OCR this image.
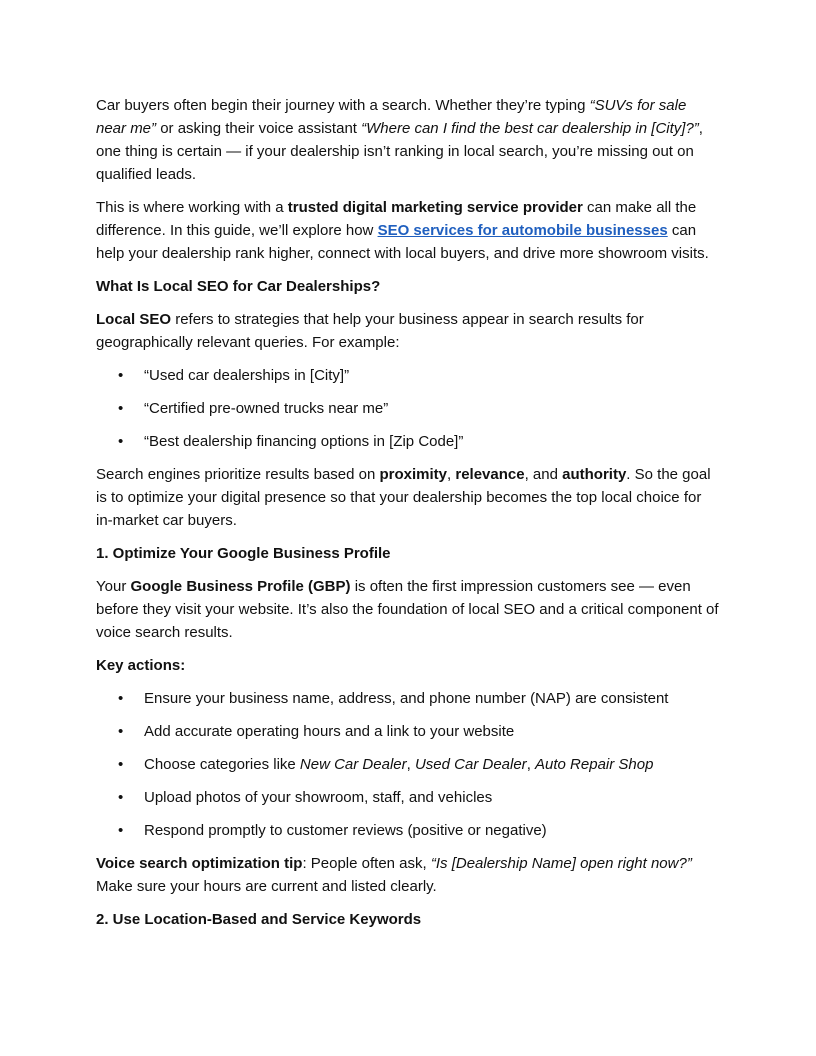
Car buyers often begin their journey with a search. Whether they’re typing “SUVs for sale near me” or asking their voice assistant “Where can I find the best car dealership in [City]?”, one thing is certain — if your dealership isn’t ranking in local search, you’re missing out on qualified leads.

This is where working with a trusted digital marketing service provider can make all the difference. In this guide, we’ll explore how SEO services for automobile businesses can help your dealership rank higher, connect with local buyers, and drive more showroom visits.

What Is Local SEO for Car Dealerships?

Local SEO refers to strategies that help your business appear in search results for geographically relevant queries. For example:

• “Used car dealerships in [City]”
• “Certified pre-owned trucks near me”
• “Best dealership financing options in [Zip Code]”

Search engines prioritize results based on proximity, relevance, and authority. So the goal is to optimize your digital presence so that your dealership becomes the top local choice for in-market car buyers.

1. Optimize Your Google Business Profile

Your Google Business Profile (GBP) is often the first impression customers see — even before they visit your website. It’s also the foundation of local SEO and a critical component of voice search results.

Key actions:

• Ensure your business name, address, and phone number (NAP) are consistent
• Add accurate operating hours and a link to your website
• Choose categories like New Car Dealer, Used Car Dealer, Auto Repair Shop
• Upload photos of your showroom, staff, and vehicles
• Respond promptly to customer reviews (positive or negative)

Voice search optimization tip: People often ask, “Is [Dealership Name] open right now?” Make sure your hours are current and listed clearly.

2. Use Location-Based and Service Keywords
